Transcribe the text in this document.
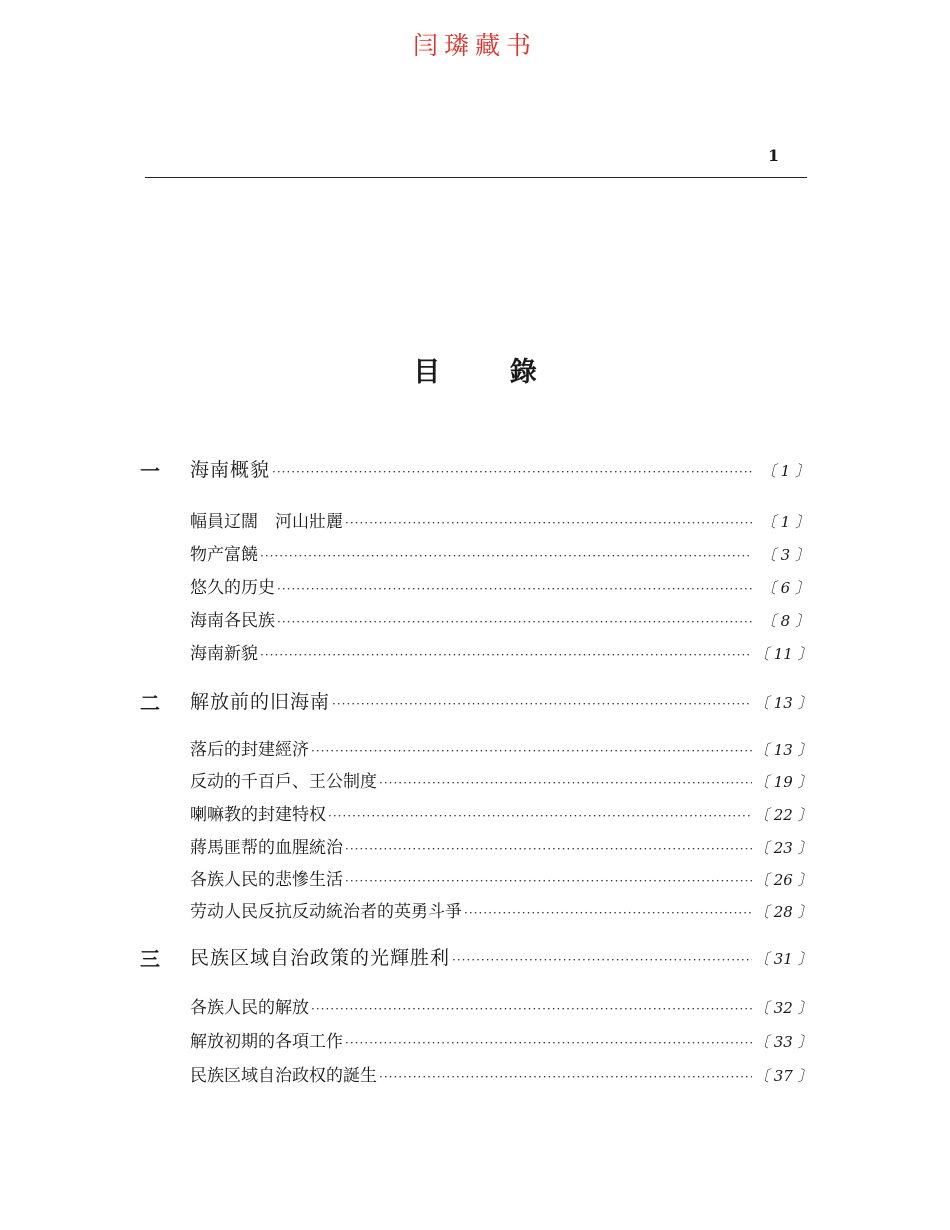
闫璘藏书
1
目 錄
一 海南概貌 ·····	〔 1 〕
幅員辽闊　河山壯麗 ·····	〔 1 〕
物产富饒 ·····	〔 3 〕
悠久的历史 ·····	〔 6 〕
海南各民族 ·····	〔 8 〕
海南新貌 ·····	〔 11 〕
二 解放前的旧海南 ·····	〔 13 〕
落后的封建經济 ·····	〔 13 〕
反动的千百戶、王公制度 ·····	〔 19 〕
喇嘛教的封建特权 ·····	〔 22 〕
蔣馬匪帮的血腥統治 ·····	〔 23 〕
各族人民的悲慘生活 ·····	〔 26 〕
劳动人民反抗反动統治者的英勇斗爭 ·····	〔 28 〕
三 民族区域自治政策的光輝胜利 ·····	〔 31 〕
各族人民的解放 ·····	〔 32 〕
解放初期的各項工作 ·····	〔 33 〕
民族区域自治政权的誕生 ·····	〔 37 〕
